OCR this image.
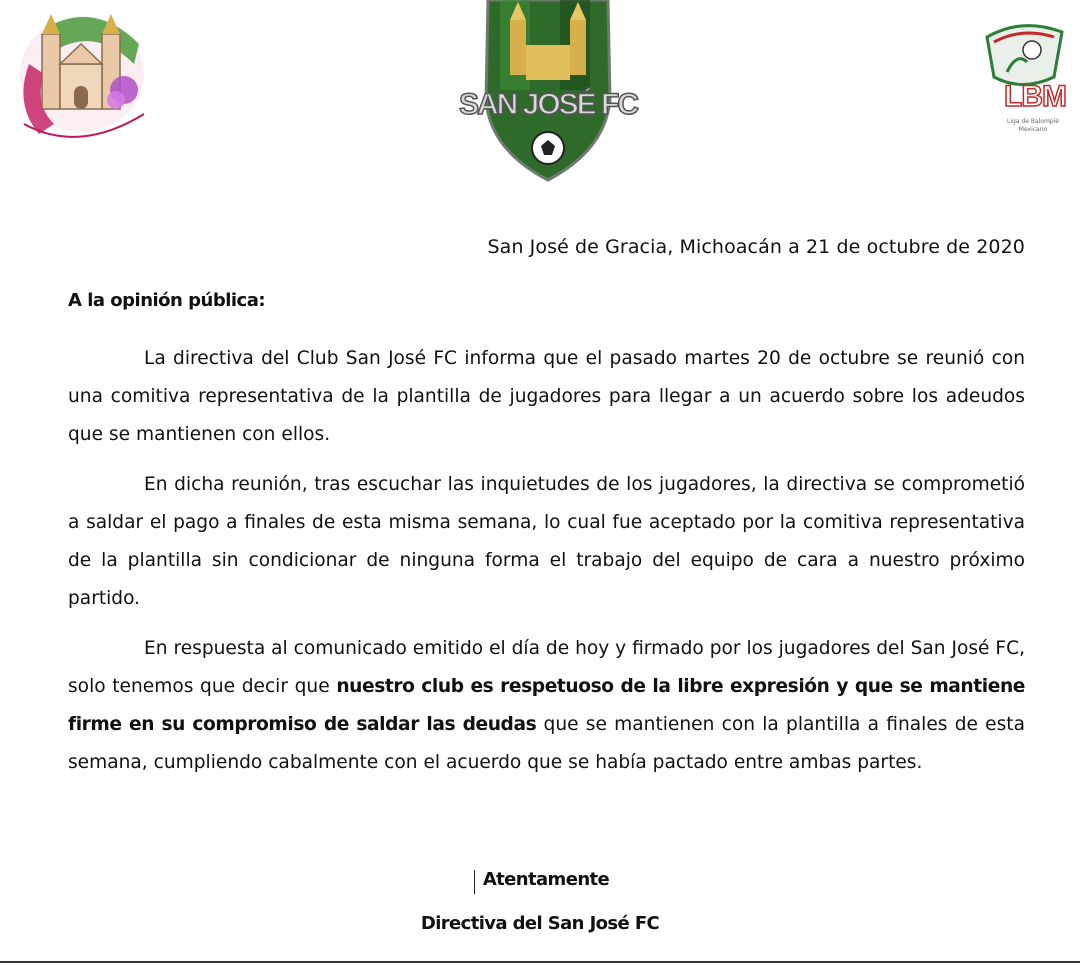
SAN JOSÉ FC	LBM
Liga de Balompié Mexicano
San José de Gracia, Michoacán a 21 de octubre de 2020
A la opinión pública:

La directiva del Club San José FC informa que el pasado martes 20 de octubre se reunió con una comitiva representativa de la plantilla de jugadores para llegar a un acuerdo sobre los adeudos que se mantienen con ellos.

En dicha reunión, tras escuchar las inquietudes de los jugadores, la directiva se comprometió a saldar el pago a finales de esta misma semana, lo cual fue aceptado por la comitiva representativa de la plantilla sin condicionar de ninguna forma el trabajo del equipo de cara a nuestro próximo partido.

En respuesta al comunicado emitido el día de hoy y firmado por los jugadores del San José FC, solo tenemos que decir que nuestro club es respetuoso de la libre expresión y que se mantiene firme en su compromiso de saldar las deudas que se mantienen con la plantilla a finales de esta semana, cumpliendo cabalmente con el acuerdo que se había pactado entre ambas partes.

Atentamente
Directiva del San José FC
